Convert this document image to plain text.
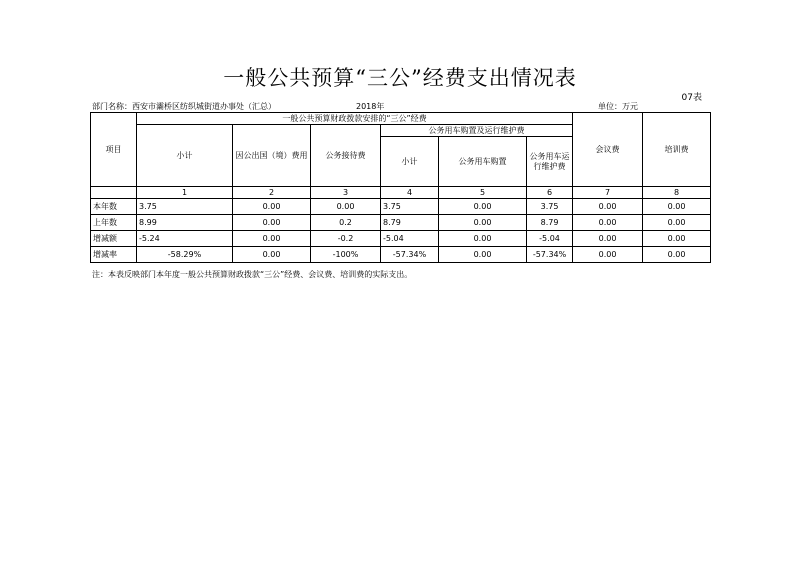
一般公共预算“三公”经费支出情况表
07表
部门名称：西安市灞桥区纺织城街道办事处（汇总）	2018年	单位：万元
项目	一般公共预算财政拨款安排的“三公”经费						会议费	培训费
	小计	因公出国（境）费用	公务接待费	公务用车购置及运行维护费				
				小计	公务用车购置	公务用车运行维护费		
	1	2	3	4	5	6	7	8
本年数	3.75	0.00	0.00	3.75	0.00	3.75	0.00	0.00
上年数	8.99	0.00	0.2	8.79	0.00	8.79	0.00	0.00
增减额	-5.24	0.00	-0.2	-5.04	0.00	-5.04	0.00	0.00
增减率	-58.29%	0.00	-100%	-57.34%	0.00	-57.34%	0.00	0.00
注：本表反映部门本年度一般公共预算财政拨款“三公”经费、会议费、培训费的实际支出。
